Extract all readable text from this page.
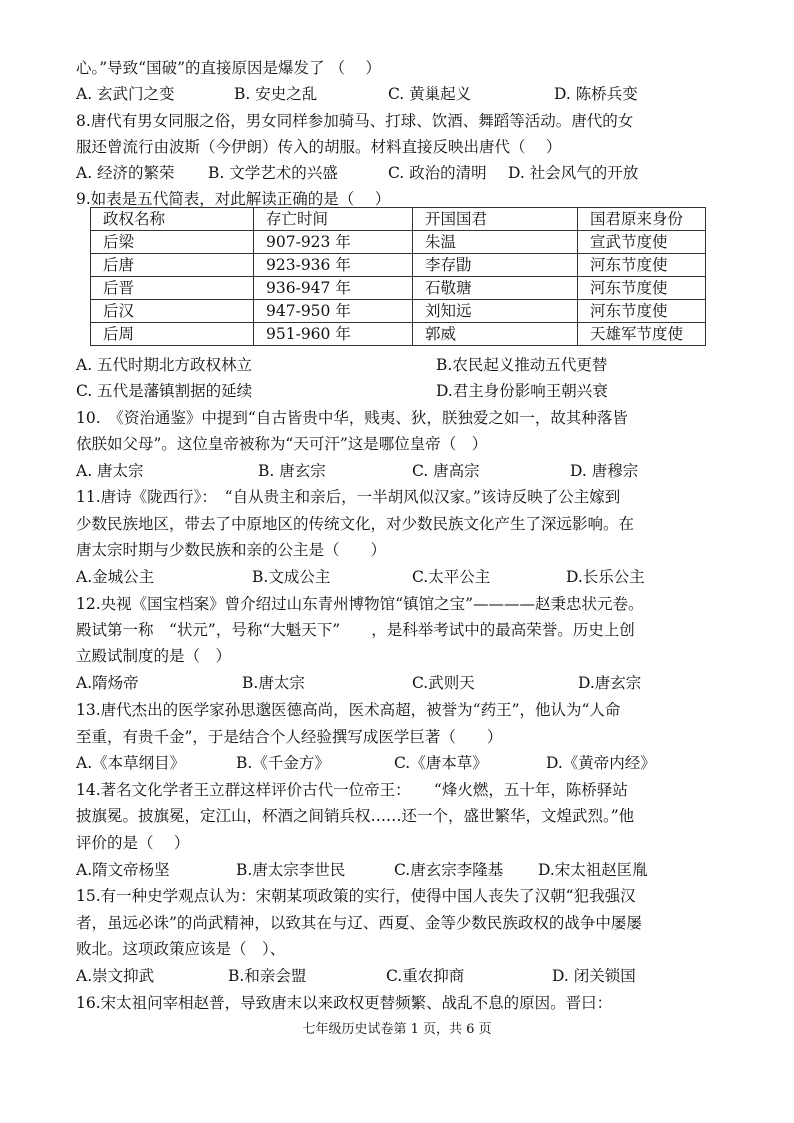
心。”导致“国破”的直接原因是爆发了 （　 ）
A. 玄武门之变	B. 安史之乱	C. 黄巢起义	D. 陈桥兵变
8.唐代有男女同服之俗，男女同样参加骑马、打球、饮酒、舞蹈等活动。唐代的女
服还曾流行由波斯（今伊朗）传入的胡服。材料直接反映出唐代（　 ）
A. 经济的繁荣 B. 文学艺术的兴盛	C. 政治的清明 D. 社会风气的开放
9.如表是五代简表，对此解读正确的是（　 ）
政权名称	存亡时间	开国国君	国君原来身份
后梁	907-923 年	朱温	宣武节度使
后唐	923-936 年	李存勖	河东节度使
后晋	936-947 年	石敬瑭	河东节度使
后汉	947-950 年	刘知远	河东节度使
后周	951-960 年	郭威	天雄军节度使
A. 五代时期北方政权林立	B.农民起义推动五代更替
C. 五代是藩镇割据的延续	D.君主身份影响王朝兴衰
10.　《资治通鉴》中提到“自古皆贵中华，贱夷、狄，朕独爱之如一，故其种落皆
依朕如父母”。这位皇帝被称为“天可汗”这是哪位皇帝（　）
A. 唐太宗	B. 唐玄宗	C. 唐高宗	D. 唐穆宗
11.唐诗《陇西行》：　“自从贵主和亲后，一半胡风似汉家。”该诗反映了公主嫁到
少数民族地区，带去了中原地区的传统文化，对少数民族文化产生了深远影响。在
唐太宗时期与少数民族和亲的公主是（　　）
A.金城公主	B.文成公主	C.太平公主	D.长乐公主
12.央视《国宝档案》曾介绍过山东青州博物馆“镇馆之宝”————赵秉忠状元卷。
殿试第一称　“状元”，号称“大魁天下”　　，是科举考试中的最高荣誉。历史上创
立殿试制度的是（　）
A.隋炀帝	B.唐太宗	C.武则天	D.唐玄宗
13.唐代杰出的医学家孙思邈医德高尚，医术高超，被誉为“药王”，他认为“人命
至重，有贵千金”，于是结合个人经验撰写成医学巨著（　　）
A.《本草纲目》	B.《千金方》	C.《唐本草》	D.《黄帝内经》
14.著名文化学者王立群这样评价古代一位帝王：　　“烽火燃，五十年，陈桥驿站
披旗冕。披旗冕，定江山，杯酒之间销兵权……还一个，盛世繁华，文煌武烈。”他
评价的是（　 ）
A.隋文帝杨坚	B.唐太宗李世民	C.唐玄宗李隆基 D.宋太祖赵匡胤
15.有一种史学观点认为：宋朝某项政策的实行，使得中国人丧失了汉朝“犯我强汉
者，虽远必诛”的尚武精神，以致其在与辽、西夏、金等少数民族政权的战争中屡屡
败北。这项政策应该是（　）、
A.崇文抑武	B.和亲会盟	C.重农抑商	D. 闭关锁国
16.宋太祖问宰相赵普，导致唐末以来政权更替频繁、战乱不息的原因。晋曰：
七年级历史试卷第 1 页，共 6 页
